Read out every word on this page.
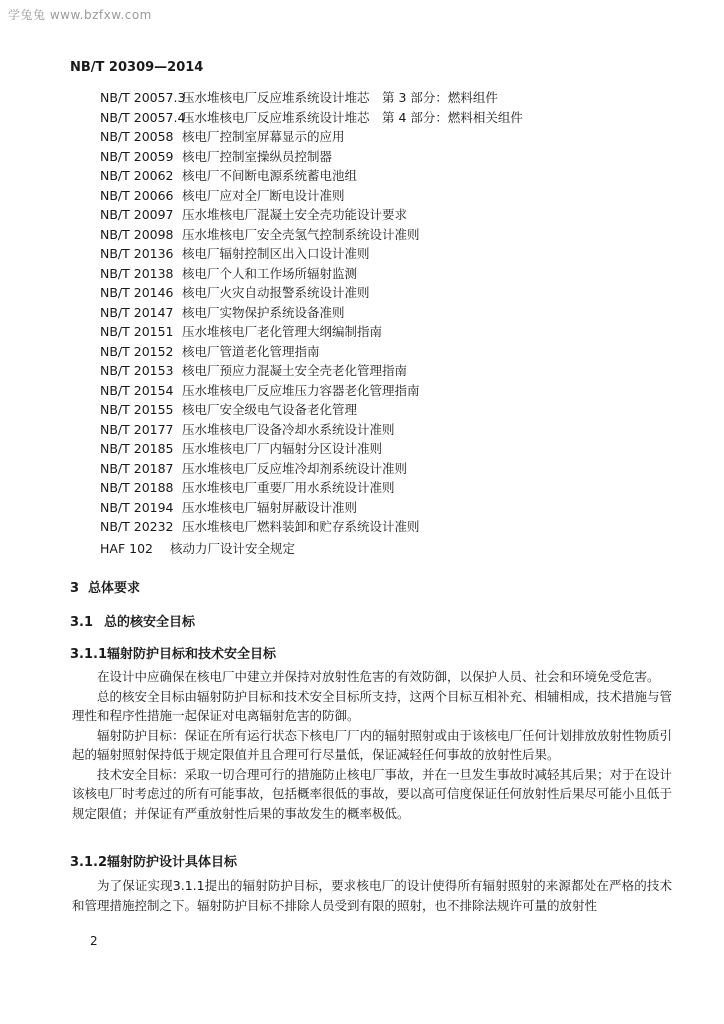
学兔兔 www.bzfxw.com
NB/T 20309—2014
NB/T 20057.3
压水堆核电厂反应堆系统设计堆芯　第 3 部分：燃料组件
NB/T 20057.4
压水堆核电厂反应堆系统设计堆芯　第 4 部分：燃料相关组件
NB/T 20058 核电厂控制室屏幕显示的应用
NB/T 20059 核电厂控制室操纵员控制器
NB/T 20062 核电厂不间断电源系统蓄电池组
NB/T 20066 核电厂应对全厂断电设计准则
NB/T 20097 压水堆核电厂混凝土安全壳功能设计要求
NB/T 20098 压水堆核电厂安全壳氢气控制系统设计准则
NB/T 20136 核电厂辐射控制区出入口设计准则
NB/T 20138 核电厂个人和工作场所辐射监测
NB/T 20146 核电厂火灾自动报警系统设计准则
NB/T 20147 核电厂实物保护系统设备准则
NB/T 20151 压水堆核电厂老化管理大纲编制指南
NB/T 20152 核电厂管道老化管理指南
NB/T 20153 核电厂预应力混凝土安全壳老化管理指南
NB/T 20154 压水堆核电厂反应堆压力容器老化管理指南
NB/T 20155 核电厂安全级电气设备老化管理
NB/T 20177 压水堆核电厂设备冷却水系统设计准则
NB/T 20185 压水堆核电厂厂内辐射分区设计准则
NB/T 20187 压水堆核电厂反应堆冷却剂系统设计准则
NB/T 20188 压水堆核电厂重要厂用水系统设计准则
NB/T 20194 压水堆核电厂辐射屏蔽设计准则
NB/T 20232 压水堆核电厂燃料装卸和贮存系统设计准则
HAF 102	核动力厂设计安全规定
3 总体要求
3.1 总的核安全目标
3.1.1辐射防护目标和技术安全目标

在设计中应确保在核电厂中建立并保持对放射性危害的有效防御，以保护人员、社会和环境免受危害。

总的核安全目标由辐射防护目标和技术安全目标所支持，这两个目标互相补充、相辅相成，技术措施与管理性和程序性措施一起保证对电离辐射危害的防御。

辐射防护目标：保证在所有运行状态下核电厂厂内的辐射照射或由于该核电厂任何计划排放放射性物质引起的辐射照射保持低于规定限值并且合理可行尽量低，保证减轻任何事故的放射性后果。

技术安全目标：采取一切合理可行的措施防止核电厂事故，并在一旦发生事故时减轻其后果；对于在设计该核电厂时考虑过的所有可能事故，包括概率很低的事故，要以高可信度保证任何放射性后果尽可能小且低于规定限值；并保证有严重放射性后果的事故发生的概率极低。

3.1.2辐射防护设计具体目标

为了保证实现3.1.1提出的辐射防护目标，要求核电厂的设计使得所有辐射照射的来源都处在严格的技术和管理措施控制之下。辐射防护目标不排除人员受到有限的照射，也不排除法规许可量的放射性

2
